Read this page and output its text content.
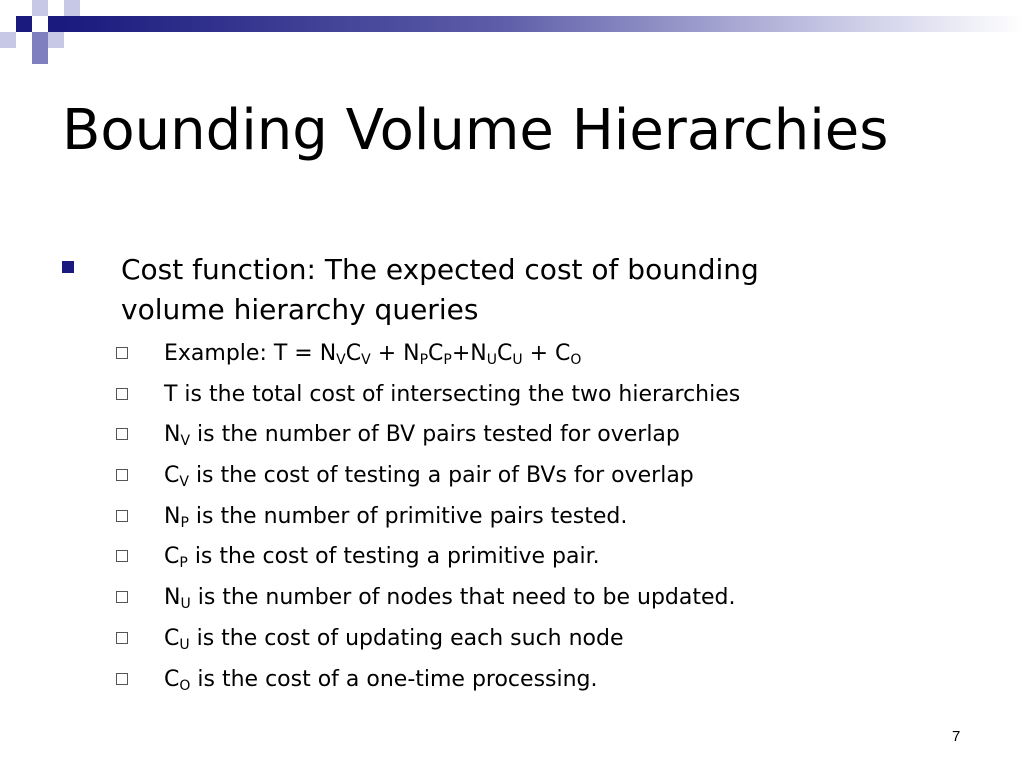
Bounding Volume Hierarchies
Cost function: The expected cost of bounding
volume hierarchy queries
Example: $T = N_VC_V + N_PC_P+N_UC_U + C_O$
T is the total cost of intersecting the two hierarchies
$N_V$ is the number of BV pairs tested for overlap
$C_V$ is the cost of testing a pair of BVs for overlap
$N_P$ is the number of primitive pairs tested.
$C_P$ is the cost of testing a primitive pair.
$N_U$ is the number of nodes that need to be updated.
$C_U$ is the cost of updating each such node
$C_O$ is the cost of a one-time processing.
7
